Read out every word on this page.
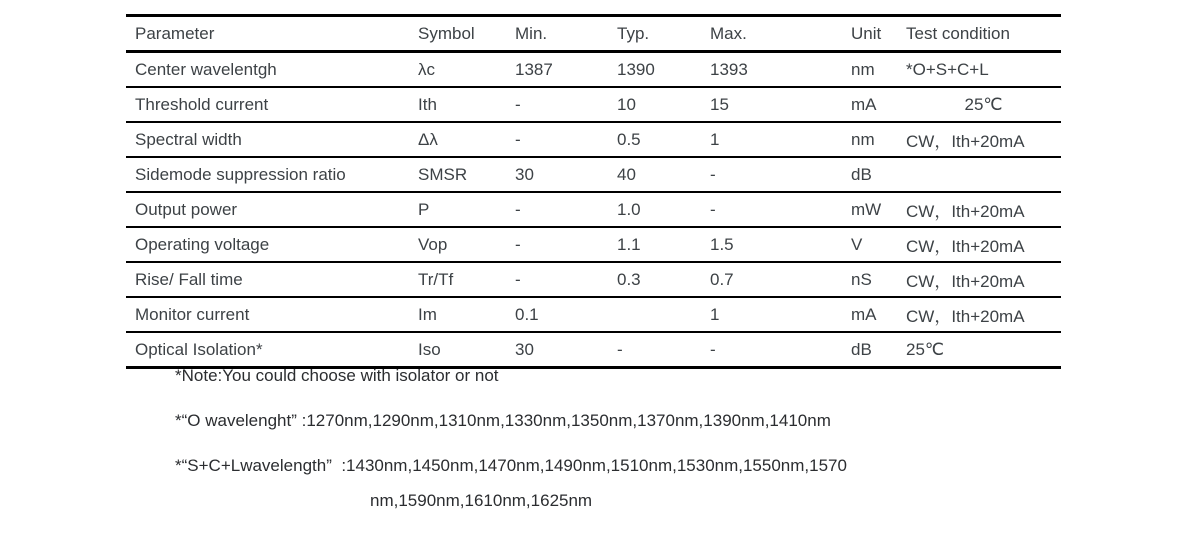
Parameter	Symbol	Min.	Typ.	Max.	Unit	Test condition
Center wavelentgh	λc	1387	1390	1393	nm	*O+S+C+L
Threshold current	Ith	-	10	15	mA	25℃
Spectral width	Δλ	-	0.5	1	nm	CW，Ith+20mA
Sidemode suppression ratio	SMSR	30	40	-	dB	
Output power	P	-	1.0	-	mW	CW，Ith+20mA
Operating voltage	Vop	-	1.1	1.5	V	CW，Ith+20mA
Rise/ Fall time	Tr/Tf	-	0.3	0.7	nS	CW，Ith+20mA
Monitor current	Im	0.1		1	mA	CW，Ith+20mA
Optical Isolation*	Iso	30	-	-	dB	25℃
*Note:You could choose with isolator or not
*“O wavelenght” :1270nm,1290nm,1310nm,1330nm,1350nm,1370nm,1390nm,1410nm
*“S+C+Lwavelength”  :1430nm,1450nm,1470nm,1490nm,1510nm,1530nm,1550nm,1570
nm,1590nm,1610nm,1625nm
